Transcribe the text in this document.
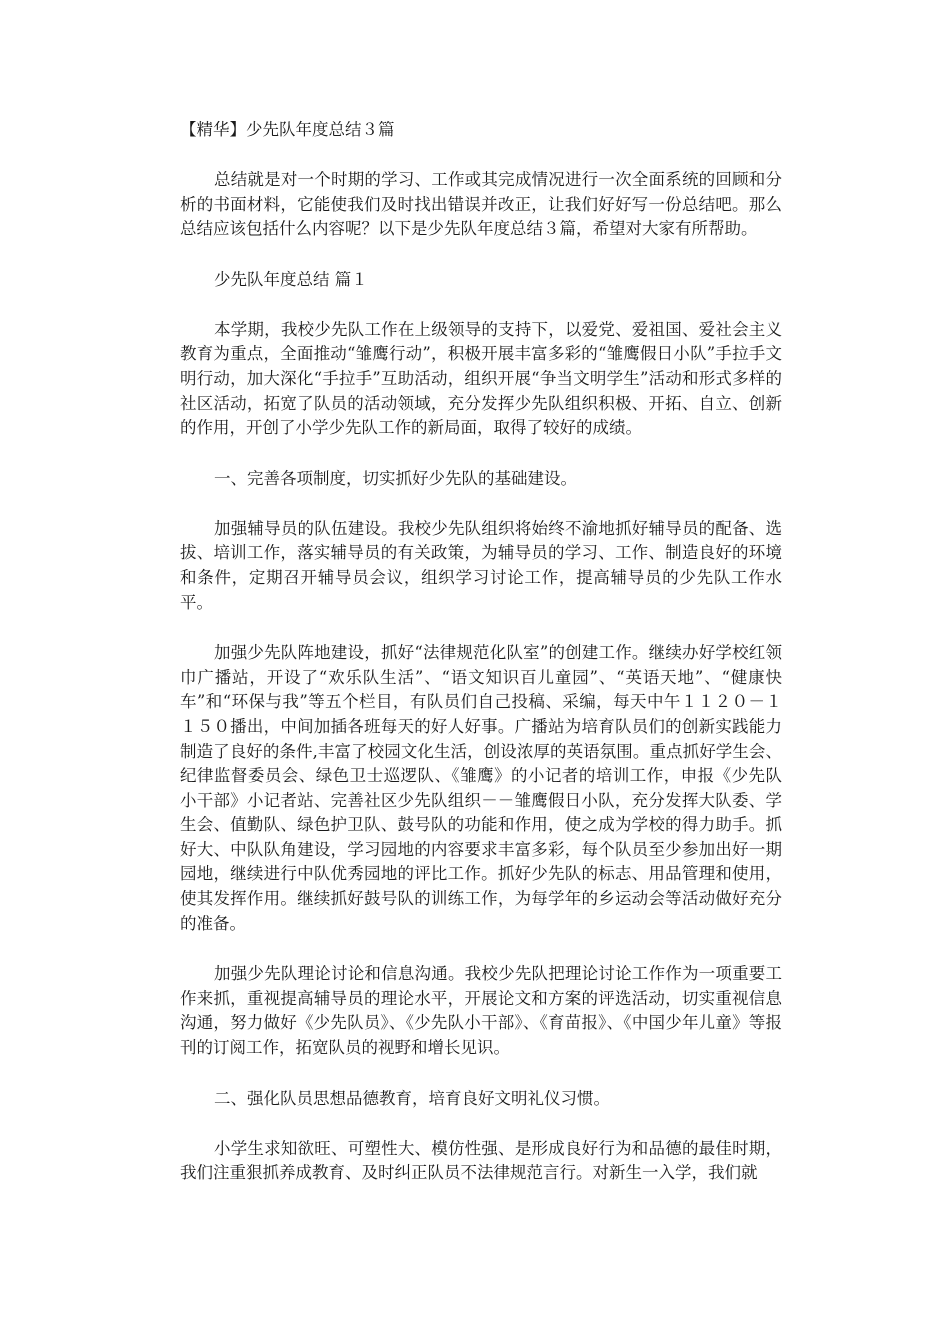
【精华】少先队年度总结３篇

总结就是对一个时期的学习、工作或其完成情况进行一次全面系统的回顾和分析的书面材料，它能使我们及时找出错误并改正，让我们好好写一份总结吧。那么总结应该包括什么内容呢？以下是少先队年度总结３篇，希望对大家有所帮助。

少先队年度总结 篇１

本学期，我校少先队工作在上级领导的支持下，以爱党、爱祖国、爱社会主义教育为重点，全面推动“雏鹰行动”，积极开展丰富多彩的“雏鹰假日小队”手拉手文明行动，加大深化“手拉手”互助活动，组织开展“争当文明学生”活动和形式多样的社区活动，拓宽了队员的活动领域，充分发挥少先队组织积极、开拓、自立、创新的作用，开创了小学少先队工作的新局面，取得了较好的成绩。

一、完善各项制度，切实抓好少先队的基础建设。

加强辅导员的队伍建设。我校少先队组织将始终不渝地抓好辅导员的配备、选拔、培训工作，落实辅导员的有关政策，为辅导员的学习、工作、制造良好的环境和条件，定期召开辅导员会议，组织学习讨论工作，提高辅导员的少先队工作水平。

加强少先队阵地建设，抓好“法律规范化队室”的创建工作。继续办好学校红领巾广播站，开设了“欢乐队生活”、“语文知识百儿童园”、“英语天地”、“健康快车”和“环保与我”等五个栏目，有队员们自己投稿、采编，每天中午１１２０－１１５０播出，中间加插各班每天的好人好事。广播站为培育队员们的创新实践能力制造了良好的条件,丰富了校园文化生活，创设浓厚的英语氛围。重点抓好学生会、纪律监督委员会、绿色卫士巡逻队、《雏鹰》的小记者的培训工作，申报《少先队小干部》小记者站、完善社区少先队组织－－雏鹰假日小队，充分发挥大队委、学生会、值勤队、绿色护卫队、鼓号队的功能和作用，使之成为学校的得力助手。抓好大、中队队角建设，学习园地的内容要求丰富多彩，每个队员至少参加出好一期园地，继续进行中队优秀园地的评比工作。抓好少先队的标志、用品管理和使用，使其发挥作用。继续抓好鼓号队的训练工作，为每学年的乡运动会等活动做好充分的准备。

加强少先队理论讨论和信息沟通。我校少先队把理论讨论工作作为一项重要工作来抓，重视提高辅导员的理论水平，开展论文和方案的评选活动，切实重视信息沟通，努力做好《少先队员》、《少先队小干部》、《育苗报》、《中国少年儿童》等报刊的订阅工作，拓宽队员的视野和增长见识。

二、强化队员思想品德教育，培育良好文明礼仪习惯。

小学生求知欲旺、可塑性大、模仿性强、是形成良好行为和品德的最佳时期，我们注重狠抓养成教育、及时纠正队员不法律规范言行。对新生一入学，我们就
